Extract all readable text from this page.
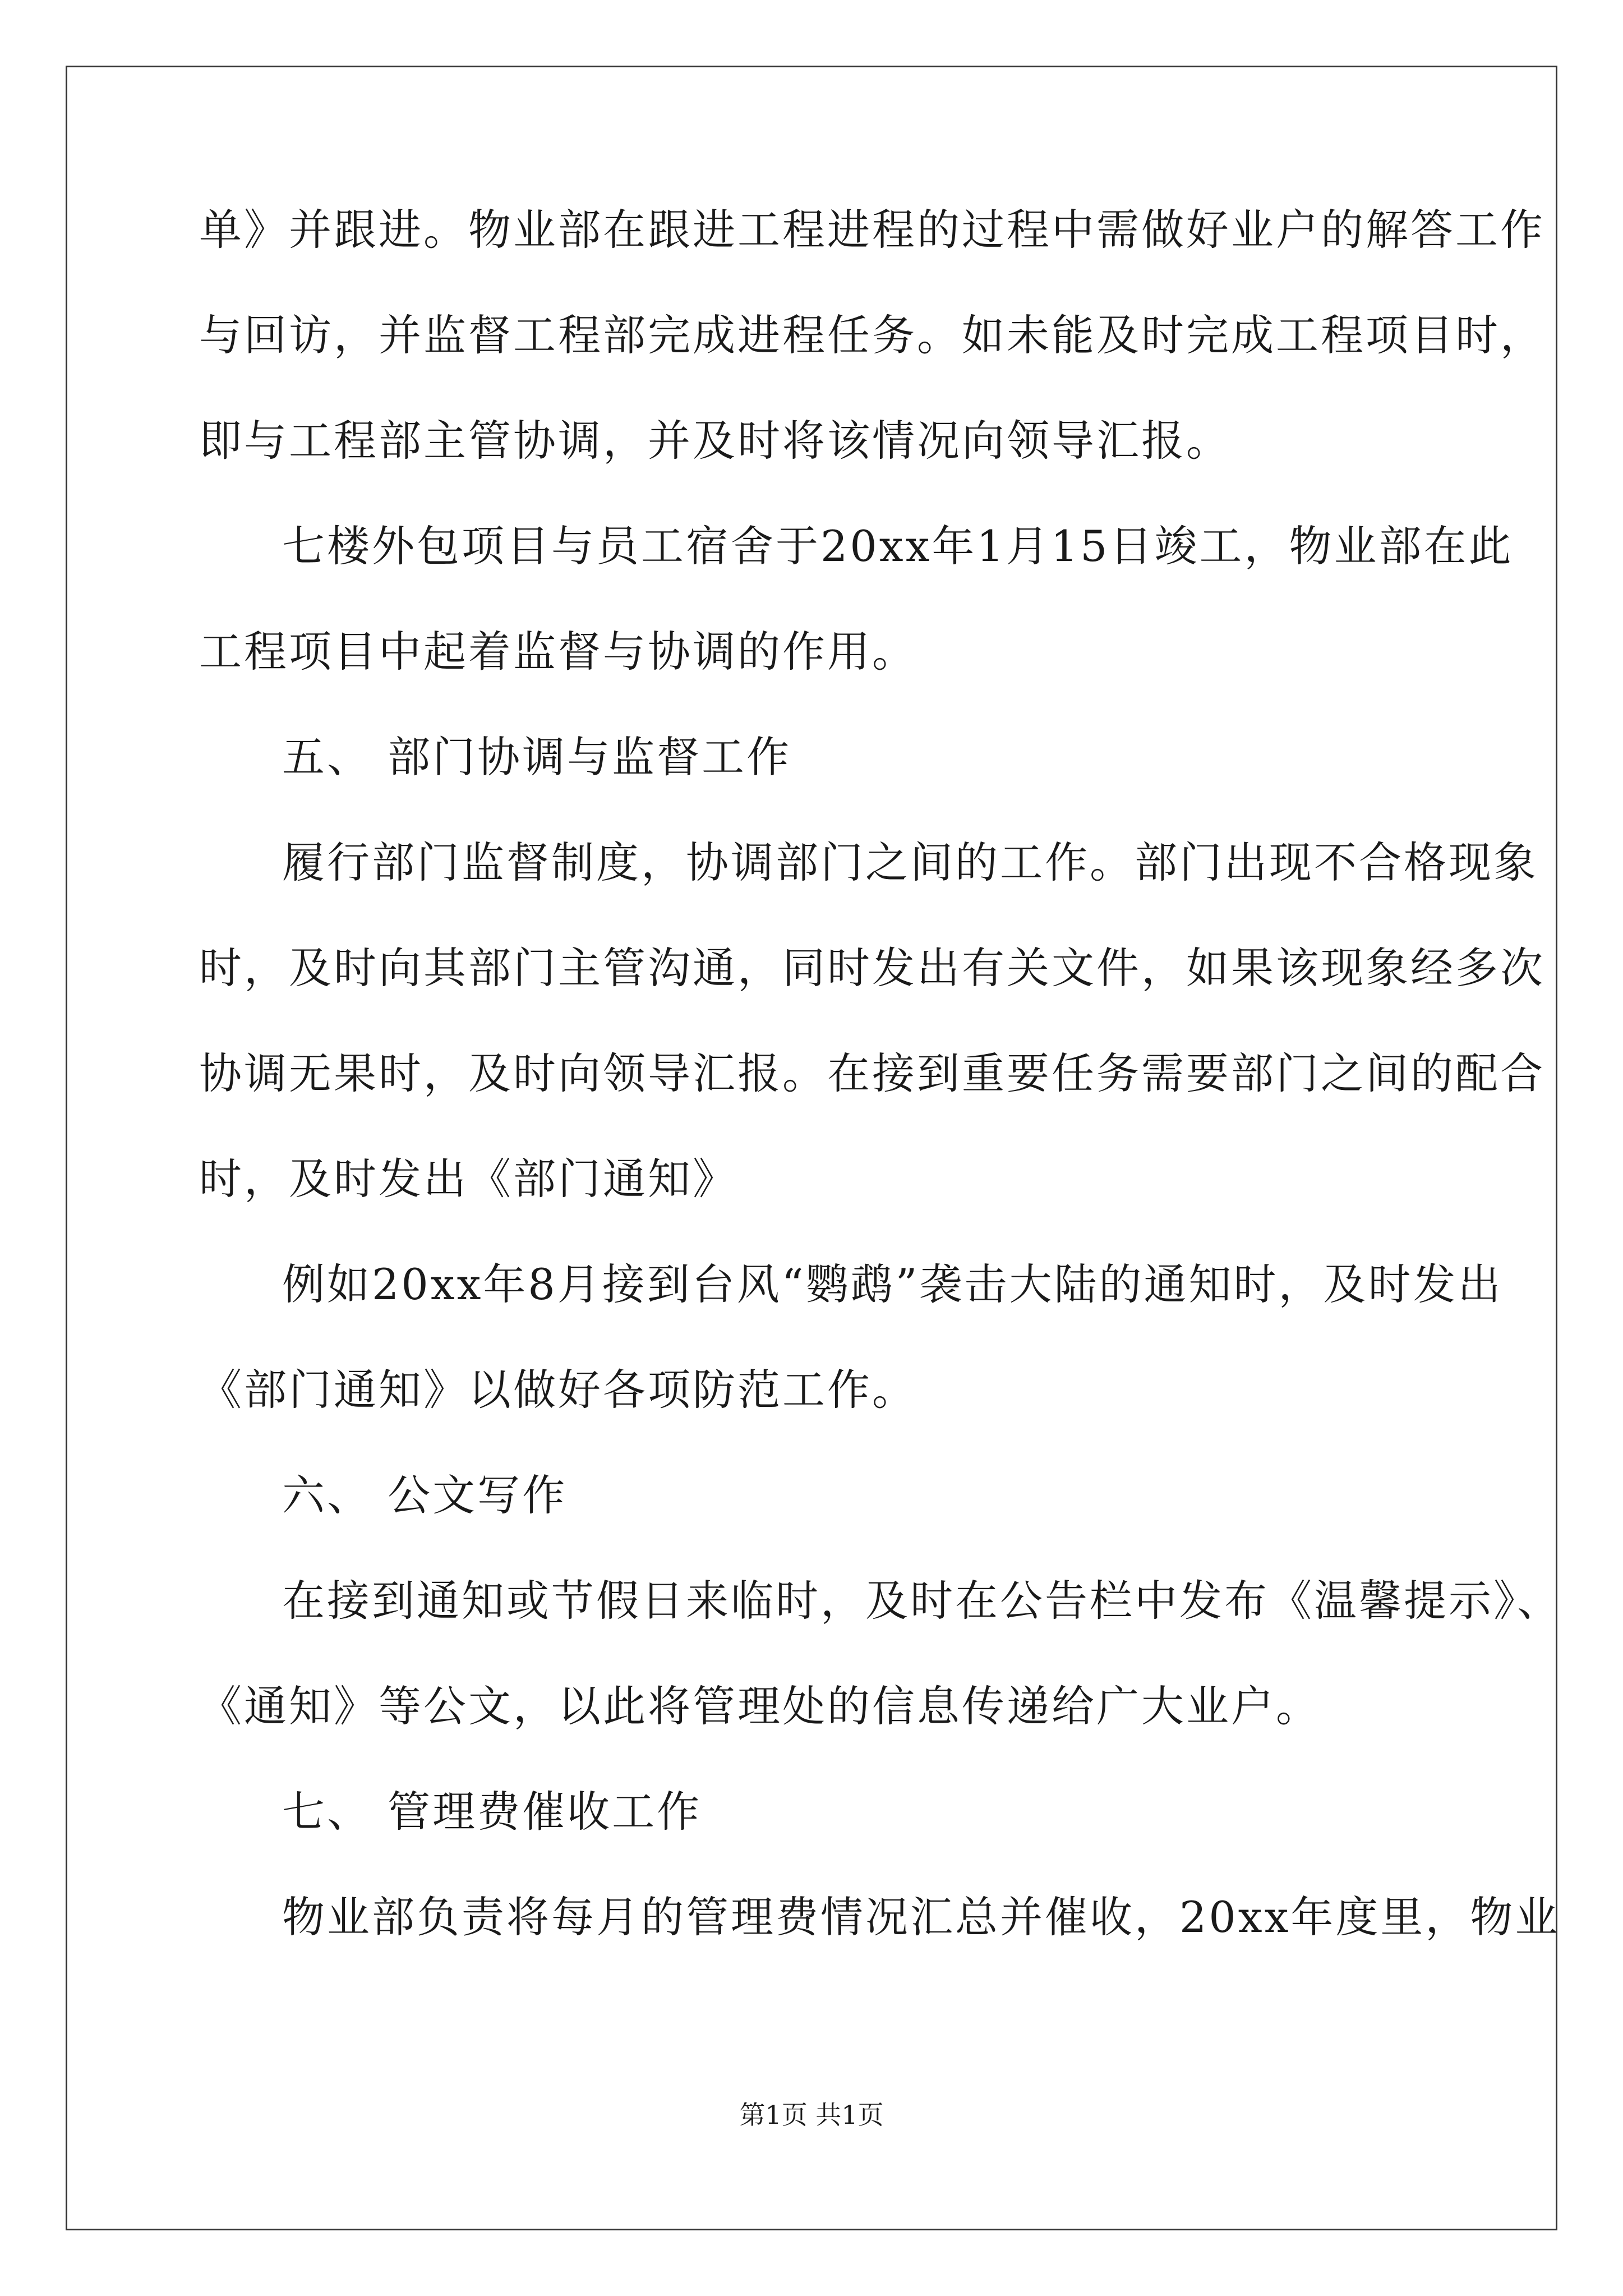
单》并跟进。物业部在跟进工程进程的过程中需做好业户的解答工作
与回访，并监督工程部完成进程任务。如未能及时完成工程项目时，
即与工程部主管协调，并及时将该情况向领导汇报。
七楼外包项目与员工宿舍于20xx年1月15日竣工，物业部在此
工程项目中起着监督与协调的作用。
五、 部门协调与监督工作
履行部门监督制度，协调部门之间的工作。部门出现不合格现象
时，及时向其部门主管沟通，同时发出有关文件，如果该现象经多次
协调无果时，及时向领导汇报。在接到重要任务需要部门之间的配合
时，及时发出《部门通知》
例如20xx年8月接到台风“鹦鹉”袭击大陆的通知时，及时发出
《部门通知》以做好各项防范工作。
六、 公文写作
在接到通知或节假日来临时，及时在公告栏中发布《温馨提示》、
《通知》等公文，以此将管理处的信息传递给广大业户。
七、 管理费催收工作
物业部负责将每月的管理费情况汇总并催收，20xx年度里，物业
第1页 共1页
